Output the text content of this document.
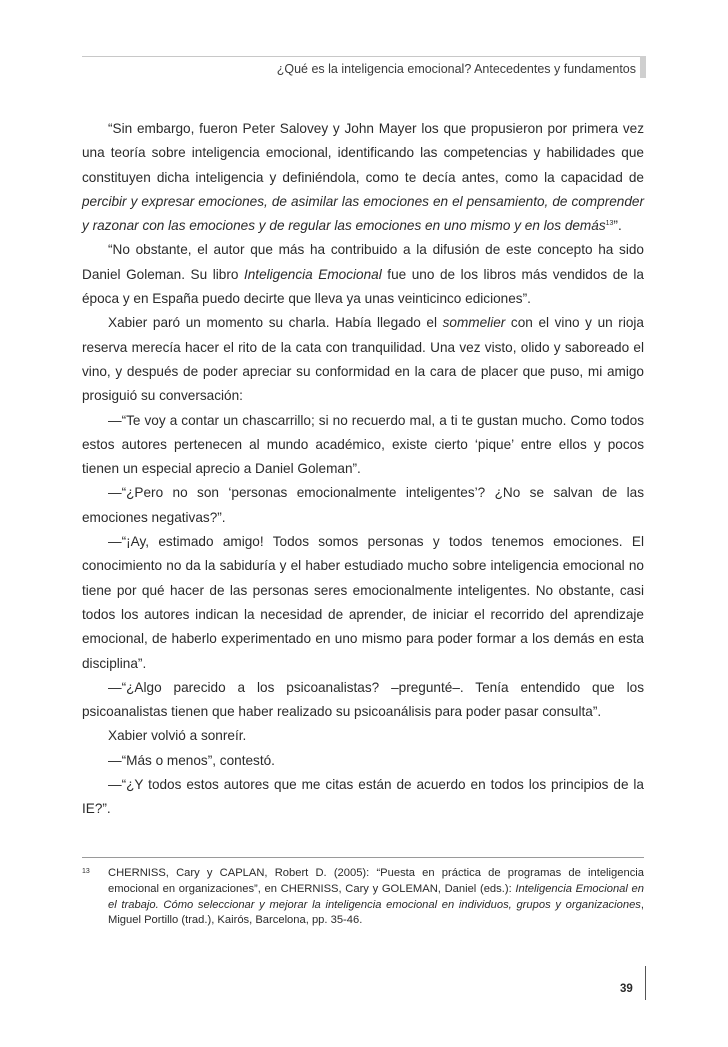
¿Qué es la inteligencia emocional? Antecedentes y fundamentos

“Sin embargo, fueron Peter Salovey y John Mayer los que propusieron por primera vez una teoría sobre inteligencia emocional, identificando las competencias y habilidades que constituyen dicha inteligencia y definiéndola, como te decía antes, como la capacidad de percibir y expresar emociones, de asimilar las emociones en el pensamiento, de comprender y razonar con las emociones y de regular las emociones en uno mismo y en los demás$^{13}$”.

“No obstante, el autor que más ha contribuido a la difusión de este concepto ha sido Daniel Goleman. Su libro Inteligencia Emocional fue uno de los libros más vendidos de la época y en España puedo decirte que lleva ya unas veinticinco ediciones”.

Xabier paró un momento su charla. Había llegado el sommelier con el vino y un rioja reserva merecía hacer el rito de la cata con tranquilidad. Una vez visto, olido y saboreado el vino, y después de poder apreciar su conformidad en la cara de placer que puso, mi amigo prosiguió su conversación:

—“Te voy a contar un chascarrillo; si no recuerdo mal, a ti te gustan mucho. Como todos estos autores pertenecen al mundo académico, existe cierto ‘pique’ entre ellos y pocos tienen un especial aprecio a Daniel Goleman”.

—“¿Pero no son ‘personas emocionalmente inteligentes’? ¿No se salvan de las emociones negativas?”.

—“¡Ay, estimado amigo! Todos somos personas y todos tenemos emociones. El conocimiento no da la sabiduría y el haber estudiado mucho sobre inteligencia emocional no tiene por qué hacer de las personas seres emocionalmente inteligentes. No obstante, casi todos los autores indican la necesidad de aprender, de iniciar el recorrido del aprendizaje emocional, de haberlo experimentado en uno mismo para poder formar a los demás en esta disciplina”.

—“¿Algo parecido a los psicoanalistas? –pregunté–. Tenía entendido que los psicoanalistas tienen que haber realizado su psicoanálisis para poder pasar consulta”.

Xabier volvió a sonreír.

—“Más o menos”, contestó.

—“¿Y todos estos autores que me citas están de acuerdo en todos los principios de la IE?”.

13 CHERNISS, Cary y CAPLAN, Robert D. (2005): “Puesta en práctica de programas de inteligencia emocional en organizaciones”, en CHERNISS, Cary y GOLEMAN, Daniel (eds.): Inteligencia Emocional en el trabajo. Cómo seleccionar y mejorar la inteligencia emocional en individuos, grupos y organizaciones, Miguel Portillo (trad.), Kairós, Barcelona, pp. 35-46.
39
